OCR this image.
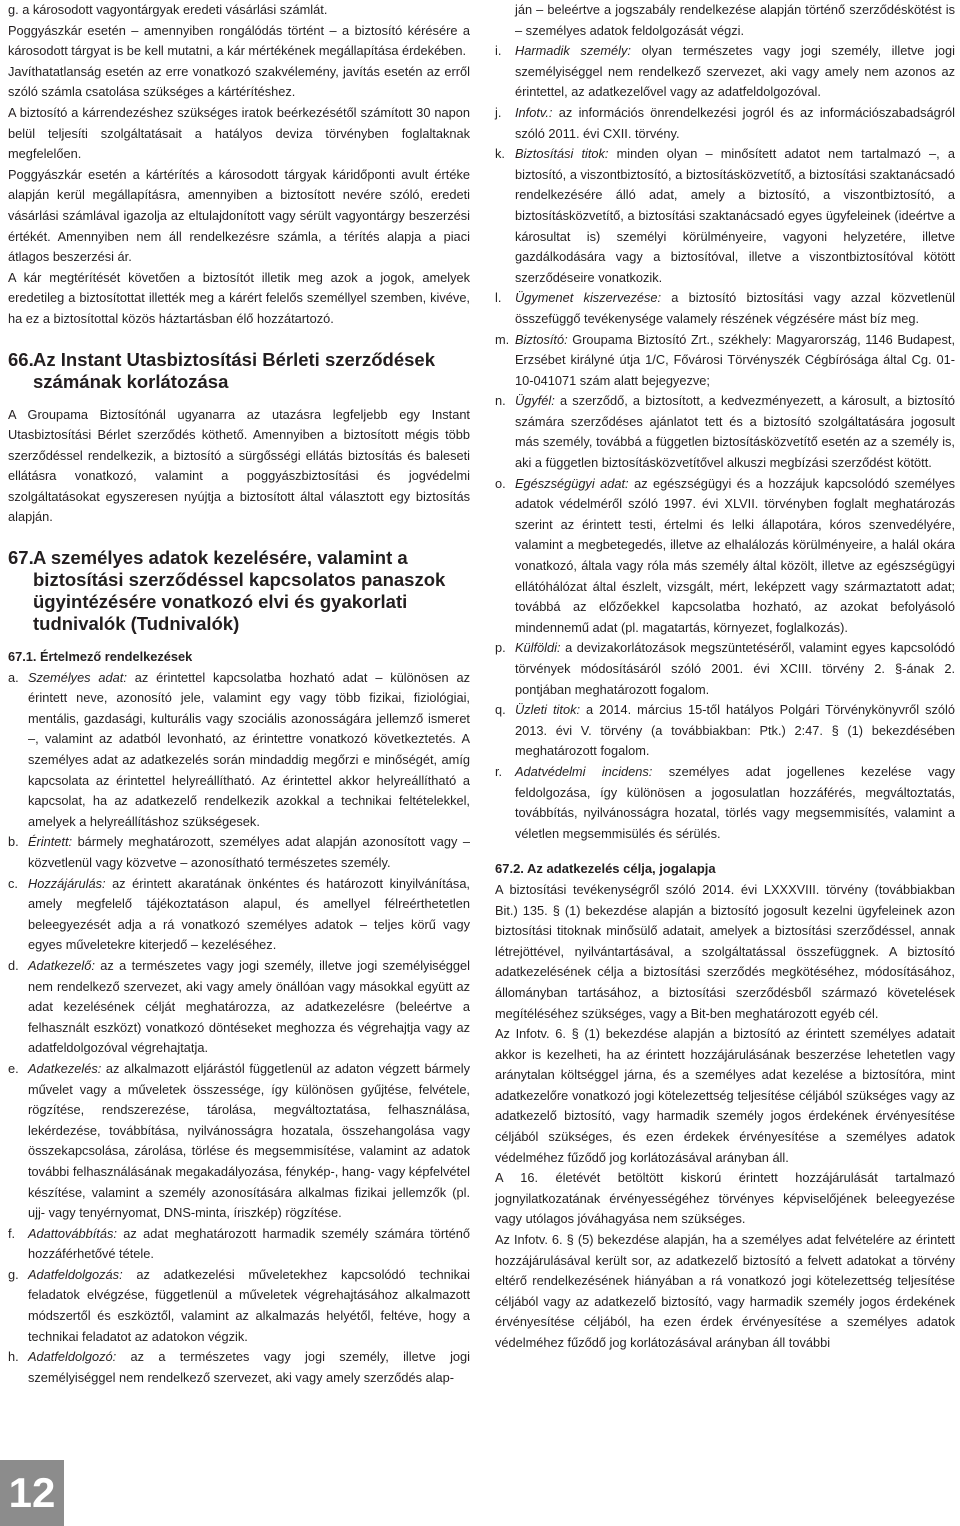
g. a károsodott vagyontárgyak eredeti vásárlási számlát.

Poggyászkár esetén – amennyiben rongálódás történt – a biztosító kérésére a károsodott tárgyat is be kell mutatni, a kár mértékének megállapítása érdekében.

Javíthatatlanság esetén az erre vonatkozó szakvélemény, javítás esetén az erről szóló számla csatolása szükséges a kártérítéshez.

A biztosító a kárrendezéshez szükséges iratok beérkezésétől számított 30 napon belül teljesíti szolgáltatásait a hatályos deviza törvényben foglaltaknak megfelelően.

Poggyászkár esetén a kártérítés a károsodott tárgyak káridőponti avult értéke alapján kerül megállapításra, amennyiben a biztosított nevére szóló, eredeti vásárlási számlával igazolja az eltulajdonított vagy sérült vagyontárgy beszerzési értékét. Amennyiben nem áll rendelkezésre számla, a térítés alapja a piaci átlagos beszerzési ár.

A kár megtérítését követően a biztosítót illetik meg azok a jogok, amelyek eredetileg a biztosítottat illették meg a kárért felelős személlyel szemben, kivéve, ha ez a biztosítottal közös háztartásban élő hozzátartozó.

66.Az Instant Utasbiztosítási Bérleti szerződések számának korlátozása

A Groupama Biztosítónál ugyanarra az utazásra legfeljebb egy Instant Utasbiztosítási Bérlet szerződés köthető. Amennyiben a biztosított mégis több szerződéssel rendelkezik, a biztosító a sürgősségi ellátás biztosítás és baleseti ellátásra vonatkozó, valamint a poggyászbiztosítási és jogvédelmi szolgáltatásokat egyszeresen nyújtja a biztosított által választott egy biztosítás alapján.

67.A személyes adatok kezelésére, valamint a biztosítási szerződéssel kapcsolatos panaszok ügyintézésére vonatkozó elvi és gyakorlati tudnivalók (Tudnivalók)

67.1. Értelmező rendelkezések

a. Személyes adat: az érintettel kapcsolatba hozható adat – különösen az érintett neve, azonosító jele, valamint egy vagy több fizikai, fiziológiai, mentális, gazdasági, kulturális vagy szociális azonosságára jellemző ismeret –, valamint az adatból levonható, az érintettre vonatkozó következtetés. A személyes adat az adatkezelés során mindaddig megőrzi e minőségét, amíg kapcsolata az érintettel helyreállítható. Az érintettel akkor helyreállítható a kapcsolat, ha az adatkezelő rendelkezik azokkal a technikai feltételekkel, amelyek a helyreállításhoz szükségesek.
b. Érintett: bármely meghatározott, személyes adat alapján azonosított vagy – közvetlenül vagy közvetve – azonosítható természetes személy.
c. Hozzájárulás: az érintett akaratának önkéntes és határozott kinyilvánítása, amely megfelelő tájékoztatáson alapul, és amellyel félreérthetetlen beleegyezését adja a rá vonatkozó személyes adatok – teljes körű vagy egyes műveletekre kiterjedő – kezeléséhez.
d. Adatkezelő: az a természetes vagy jogi személy, illetve jogi személyiséggel nem rendelkező szervezet, aki vagy amely önállóan vagy másokkal együtt az adat kezelésének célját meghatározza, az adatkezelésre (beleértve a felhasznált eszközt) vonatkozó döntéseket meghozza és végrehajtja vagy az adatfeldolgozóval végrehajtatja.
e. Adatkezelés: az alkalmazott eljárástól függetlenül az adaton végzett bármely művelet vagy a műveletek összessége, így különösen gyűjtése, felvétele, rögzítése, rendszerezése, tárolása, megváltoztatása, felhasználása, lekérdezése, továbbítása, nyilvánosságra hozatala, összehangolása vagy összekapcsolása, zárolása, törlése és megsemmisítése, valamint az adatok további felhasználásának megakadályozása, fénykép-, hang- vagy képfelvétel készítése, valamint a személy azonosítására alkalmas fizikai jellemzők (pl. ujj- vagy tenyérnyomat, DNS-minta, íriszkép) rögzítése.
f. Adattovábbítás: az adat meghatározott harmadik személy számára történő hozzáférhetővé tétele.
g. Adatfeldolgozás: az adatkezelési műveletekhez kapcsolódó technikai feladatok elvégzése, függetlenül a műveletek végrehajtásához alkalmazott módszertől és eszköztől, valamint az alkalmazás helyétől, feltéve, hogy a technikai feladatot az adatokon végzik.
h. Adatfeldolgozó: az a természetes vagy jogi személy, illetve jogi személyiséggel nem rendelkező szervezet, aki vagy amely szerződés alap-

ján – beleértve a jogszabály rendelkezése alapján történő szerződéskötést is – személyes adatok feldolgozását végzi.

i. Harmadik személy: olyan természetes vagy jogi személy, illetve jogi személyiséggel nem rendelkező szervezet, aki vagy amely nem azonos az érintettel, az adatkezelővel vagy az adatfeldolgozóval.
j. Infotv.: az információs önrendelkezési jogról és az információszabadságról szóló 2011. évi CXII. törvény.
k. Biztosítási titok: minden olyan – minősített adatot nem tartalmazó –, a biztosító, a viszontbiztosító, a biztosításközvetítő, a biztosítási szaktanácsadó rendelkezésére álló adat, amely a biztosító, a viszontbiztosító, a biztosításközvetítő, a biztosítási szaktanácsadó egyes ügyfeleinek (ideértve a károsultat is) személyi körülményeire, vagyoni helyzetére, illetve gazdálkodására vagy a biztosítóval, illetve a viszontbiztosítóval kötött szerződéseire vonatkozik.
l. Ügymenet kiszervezése: a biztosító biztosítási vagy azzal közvetlenül összefüggő tevékenysége valamely részének végzésére mást bíz meg.
m. Biztosító: Groupama Biztosító Zrt., székhely: Magyarország, 1146 Budapest, Erzsébet királyné útja 1/C, Fővárosi Törvényszék Cégbírósága által Cg. 01-10-041071 szám alatt bejegyezve;
n. Ügyfél: a szerződő, a biztosított, a kedvezményezett, a károsult, a biztosító számára szerződéses ajánlatot tett és a biztosító szolgáltatására jogosult más személy, továbbá a független biztosításközvetítő esetén az a személy is, aki a független biztosításközvetítővel alkuszi megbízási szerződést kötött.
o. Egészségügyi adat: az egészségügyi és a hozzájuk kapcsolódó személyes adatok védelméről szóló 1997. évi XLVII. törvényben foglalt meghatározás szerint az érintett testi, értelmi és lelki állapotára, kóros szenvedélyére, valamint a megbetegedés, illetve az elhalálozás körülményeire, a halál okára vonatkozó, általa vagy róla más személy által közölt, illetve az egészségügyi ellátóhálózat által észlelt, vizsgált, mért, leképzett vagy származtatott adat; továbbá az előzőekkel kapcsolatba hozható, az azokat befolyásoló mindennemű adat (pl. magatartás, környezet, foglalkozás).
p. Külföldi: a devizakorlátozások megszüntetéséről, valamint egyes kapcsolódó törvények módosításáról szóló 2001. évi XCIII. törvény 2. §-ának 2. pontjában meghatározott fogalom.
q. Üzleti titok: a 2014. március 15-től hatályos Polgári Törvénykönyvről szóló 2013. évi V. törvény (a továbbiakban: Ptk.) 2:47. § (1) bekezdésében meghatározott fogalom.
r. Adatvédelmi incidens: személyes adat jogellenes kezelése vagy feldolgozása, így különösen a jogosulatlan hozzáférés, megváltoztatás, továbbítás, nyilvánosságra hozatal, törlés vagy megsemmisítés, valamint a véletlen megsemmisülés és sérülés.

67.2. Az adatkezelés célja, jogalapja

A biztosítási tevékenységről szóló 2014. évi LXXXVIII. törvény (továbbiakban Bit.) 135. § (1) bekezdése alapján a biztosító jogosult kezelni ügyfeleinek azon biztosítási titoknak minősülő adatait, amelyek a biztosítási szerződéssel, annak létrejöttével, nyilvántartásával, a szolgáltatással összefüggnek. A biztosító adatkezelésének célja a biztosítási szerződés megkötéséhez, módosításához, állományban tartásához, a biztosítási szerződésből származó követelések megítéléséhez szükséges, vagy a Bit-ben meghatározott egyéb cél.

Az Infotv. 6. § (1) bekezdése alapján a biztosító az érintett személyes adatait akkor is kezelheti, ha az érintett hozzájárulásának beszerzése lehetetlen vagy aránytalan költséggel járna, és a személyes adat kezelése a biztosítóra, mint adatkezelőre vonatkozó jogi kötelezettség teljesítése céljából szükséges vagy az adatkezelő biztosító, vagy harmadik személy jogos érdekének érvényesítése céljából szükséges, és ezen érdekek érvényesítése a személyes adatok védelméhez fűződő jog korlátozásával arányban áll.

A 16. életévét betöltött kiskorú érintett hozzájárulását tartalmazó jognyilatkozatának érvényességéhez törvényes képviselőjének beleegyezése vagy utólagos jóváhagyása nem szükséges.

Az Infotv. 6. § (5) bekezdése alapján, ha a személyes adat felvételére az érintett hozzájárulásával került sor, az adatkezelő biztosító a felvett adatokat a törvény eltérő rendelkezésének hiányában a rá vonatkozó jogi kötelezettség teljesítése céljából vagy az adatkezelő biztosító, vagy harmadik személy jogos érdekének érvényesítése céljából, ha ezen érdek érvényesítése a személyes adatok védelméhez fűződő jog korlátozásával arányban áll további

12
